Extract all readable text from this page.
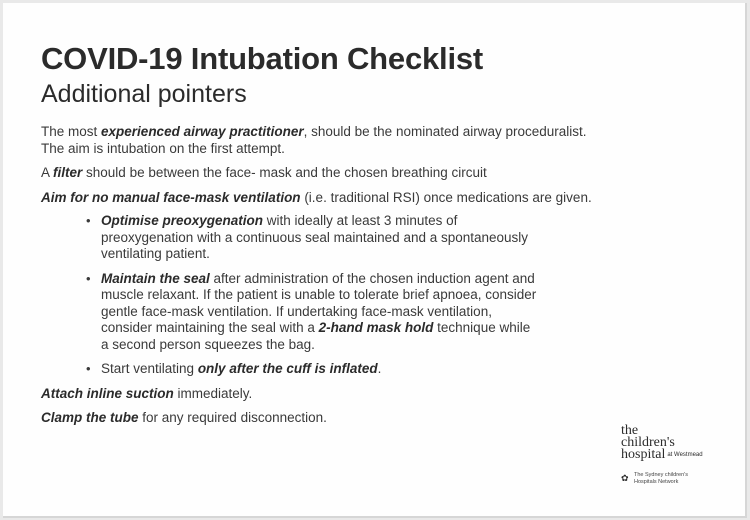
COVID-19 Intubation Checklist
Additional pointers

The most experienced airway practitioner, should be the nominated airway proceduralist. The aim is intubation on the first attempt.

A filter should be between the face- mask and the chosen breathing circuit

Aim for no manual face-mask ventilation (i.e. traditional RSI) once medications are given.

• Optimise preoxygenation with ideally at least 3 minutes of preoxygenation with a continuous seal maintained and a spontaneously ventilating patient.
• Maintain the seal after administration of the chosen induction agent and muscle relaxant. If the patient is unable to tolerate brief apnoea, consider gentle face-mask ventilation. If undertaking face-mask ventilation, consider maintaining the seal with a 2-hand mask hold technique while a second person squeezes the bag.
• Start ventilating only after the cuff is inflated.

Attach inline suction immediately.

Clamp the tube for any required disconnection.

the
children's
hospital at Westmead
✿ The Sydney children's
Hospitals Network
